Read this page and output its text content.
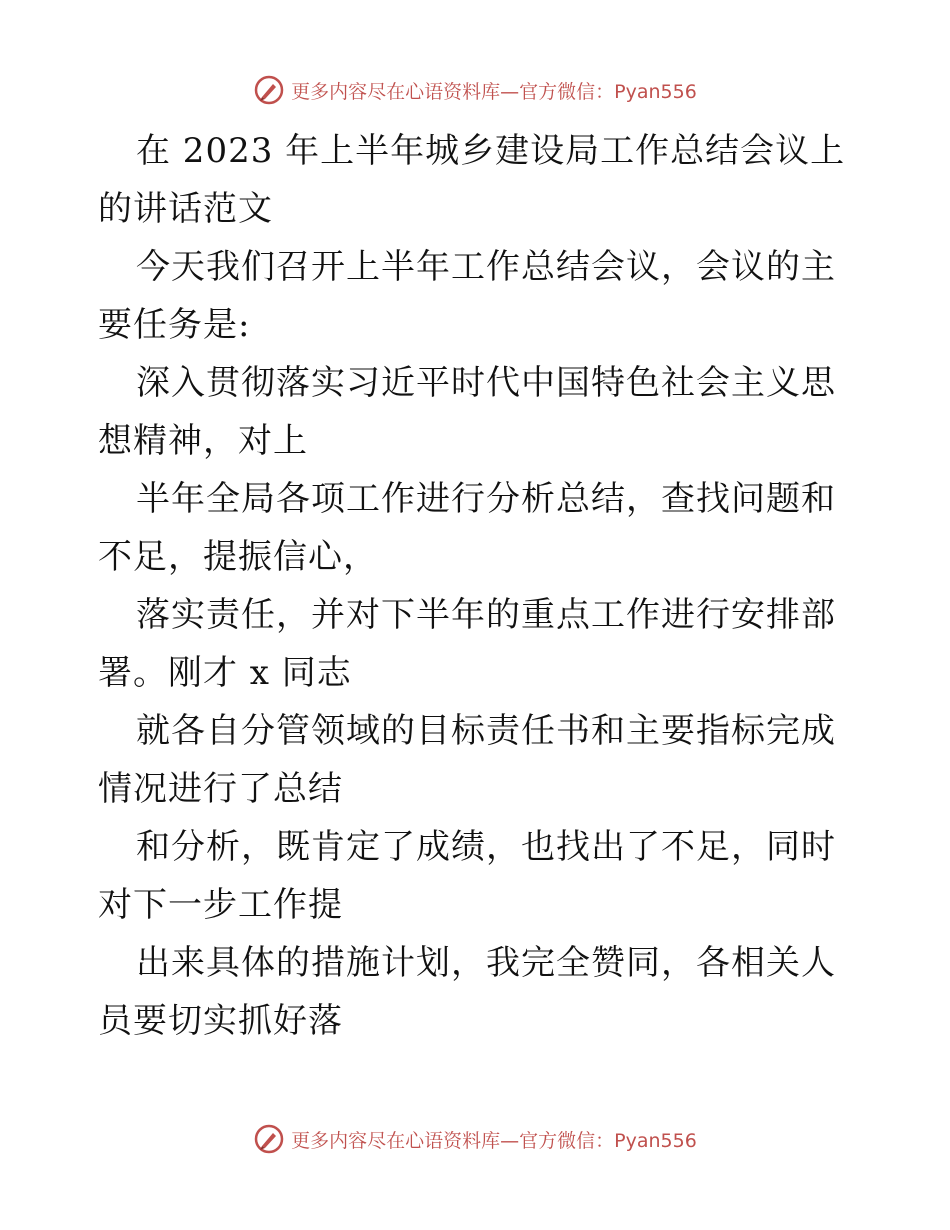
更多内容尽在心语资料库—官方微信：Pyan556

在 2023 年上半年城乡建设局工作总结会议上的讲话范文

今天我们召开上半年工作总结会议，会议的主要任务是:

深入贯彻落实习近平时代中国特色社会主义思想精神，对上

半年全局各项工作进行分析总结，查找问题和不足，提振信心，

落实责任，并对下半年的重点工作进行安排部署。刚才 x 同志

就各自分管领域的目标责任书和主要指标完成情况进行了总结

和分析，既肯定了成绩，也找出了不足，同时对下一步工作提

出来具体的措施计划，我完全赞同，各相关人员要切实抓好落

更多内容尽在心语资料库—官方微信：Pyan556
